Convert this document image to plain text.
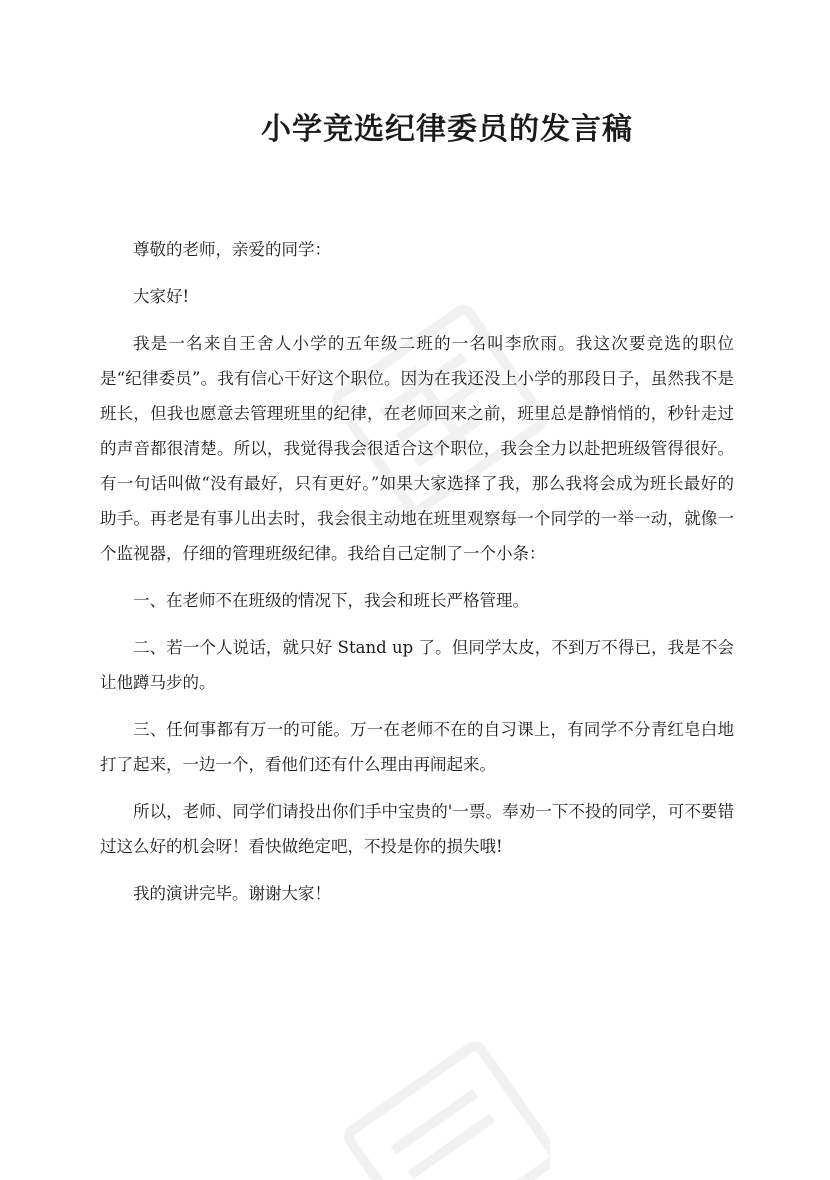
小学竞选纪律委员的发言稿

尊敬的老师，亲爱的同学：

大家好!

我是一名来自王舍人小学的五年级二班的一名叫李欣雨。我这次要竞选的职位是“纪律委员”。我有信心干好这个职位。因为在我还没上小学的那段日子，虽然我不是班长，但我也愿意去管理班里的纪律，在老师回来之前，班里总是静悄悄的，秒针走过的声音都很清楚。所以，我觉得我会很适合这个职位，我会全力以赴把班级管得很好。有一句话叫做“没有最好，只有更好。”如果大家选择了我，那么我将会成为班长最好的助手。再老是有事儿出去时，我会很主动地在班里观察每一个同学的一举一动，就像一个监视器，仔细的管理班级纪律。我给自己定制了一个小条：

一、在老师不在班级的情况下，我会和班长严格管理。

二、若一个人说话，就只好 Stand up 了。但同学太皮，不到万不得已，我是不会让他蹲马步的。

三、任何事都有万一的可能。万一在老师不在的自习课上，有同学不分青红皂白地打了起来，一边一个，看他们还有什么理由再闹起来。

所以，老师、同学们请投出你们手中宝贵的'一票。奉劝一下不投的同学，可不要错过这么好的机会呀！看快做绝定吧，不投是你的损失哦!

我的演讲完毕。谢谢大家！
